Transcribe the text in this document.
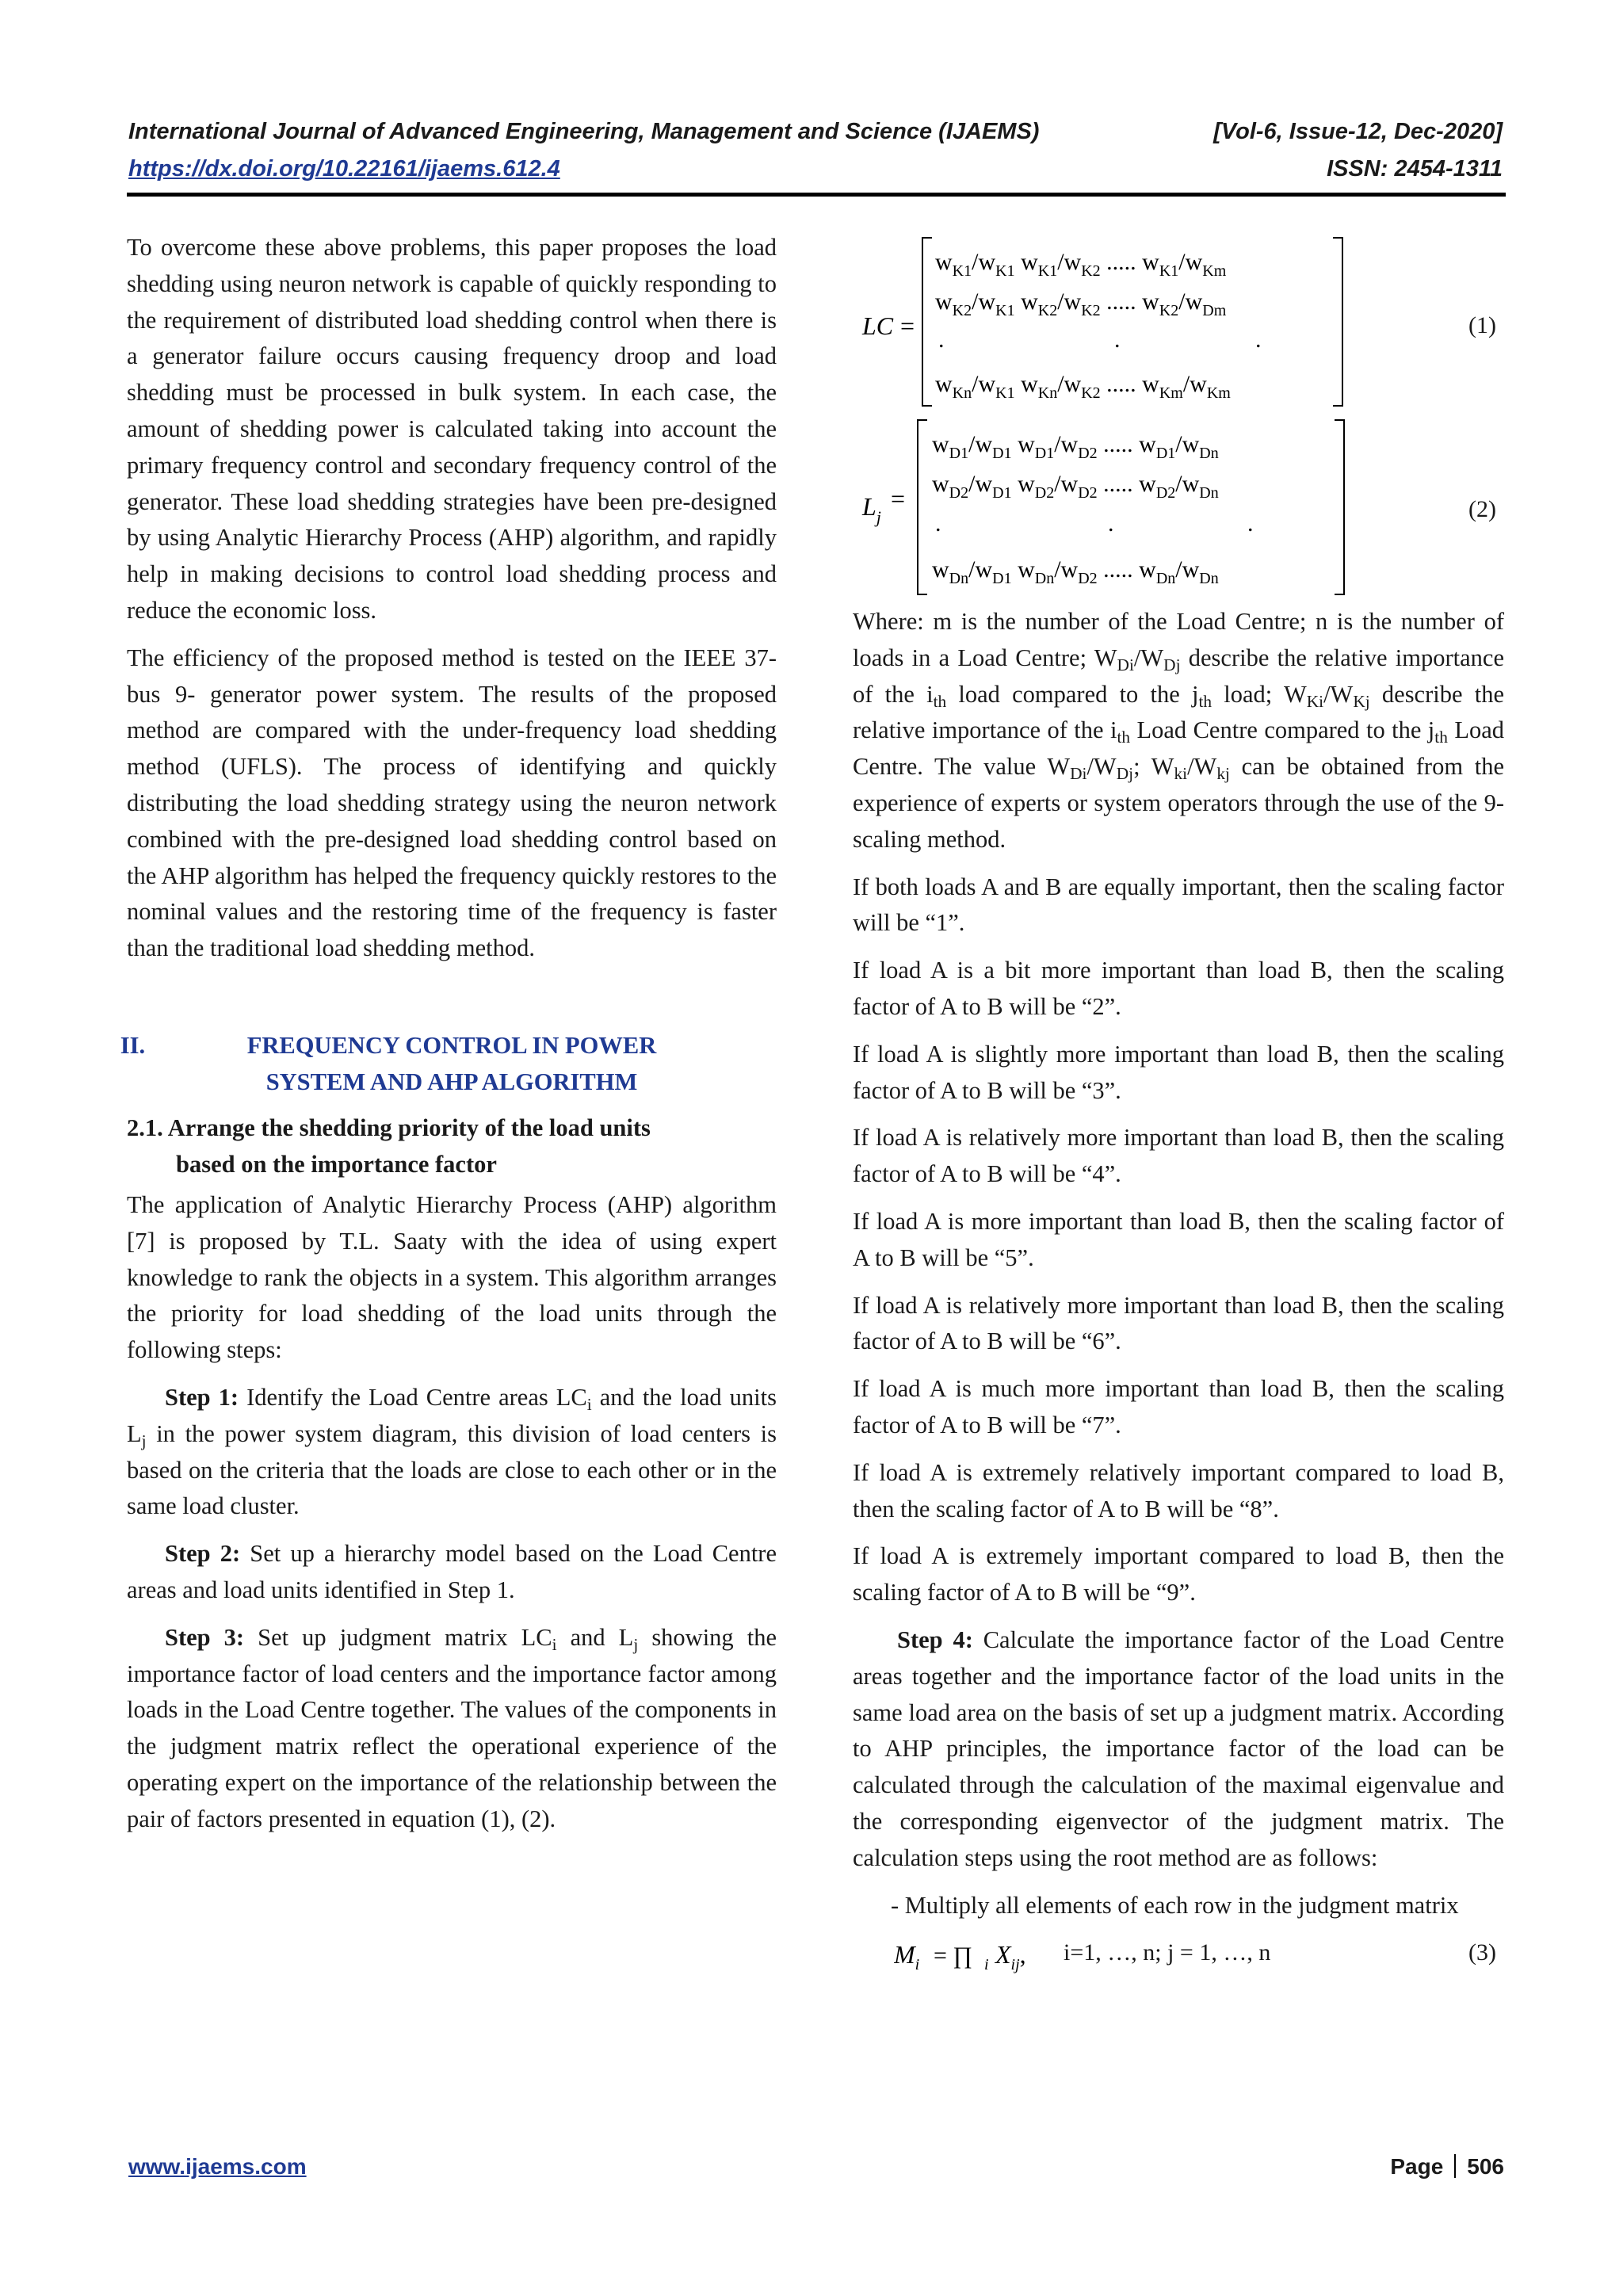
International Journal of Advanced Engineering, Management and Science (IJAEMS)	[Vol-6, Issue-12, Dec-2020]
https://dx.doi.org/10.22161/ijaems.612.4	ISSN: 2454-1311

To overcome these above problems, this paper proposes the load shedding using neuron network is capable of quickly responding to the requirement of distributed load shedding control when there is a generator failure occurs causing frequency droop and load shedding must be processed in bulk system. In each case, the amount of shedding power is calculated taking into account the primary frequency control and secondary frequency control of the generator. These load shedding strategies have been pre-designed by using Analytic Hierarchy Process (AHP) algorithm, and rapidly help in making decisions to control load shedding process and reduce the economic loss.

The efficiency of the proposed method is tested on the IEEE 37- bus 9- generator power system. The results of the proposed method are compared with the under-frequency load shedding method (UFLS). The process of identifying and quickly distributing the load shedding strategy using the neuron network combined with the pre-designed load shedding control based on the AHP algorithm has helped the frequency quickly restores to the nominal values and the restoring time of the frequency is faster than the traditional load shedding method.

II.	FREQUENCY CONTROL IN POWER
SYSTEM AND AHP ALGORITHM
2.1. Arrange the shedding priority of the load units
based on the importance factor

The application of Analytic Hierarchy Process (AHP) algorithm [7] is proposed by T.L. Saaty with the idea of using expert knowledge to rank the objects in a system. This algorithm arranges the priority for load shedding of the load units through the following steps:

Step 1: Identify the Load Centre areas $LC_i$ and the load units $L_j$ in the power system diagram, this division of load centers is based on the criteria that the loads are close to each other or in the same load cluster.

Step 2: Set up a hierarchy model based on the Load Centre areas and load units identified in Step 1.

Step 3: Set up judgment matrix $LC_i$ and $L_j$ showing the importance factor of load centers and the importance factor among loads in the Load Centre together. The values of the components in the judgment matrix reflect the operational experience of the operating expert on the importance of the relationship between the pair of factors presented in equation (1), (2).

LC =
$w_{K1}/w_{K1}$ $w_{K1}/w_{K2}$ ..... $w_{K1}/w_{Km}$
$w_{K2}/w_{K1}$ $w_{K2}/w_{K2}$ ..... $w_{K2}/w_{Dm}$
.	.	.
$w_{Kn}/w_{K1}$ $w_{Kn}/w_{K2}$ ..... $w_{Km}/w_{Km}$
(1)
$L_j$
=
$w_{D1}/w_{D1}$ $w_{D1}/w_{D2}$ ..... $w_{D1}/w_{Dn}$
$w_{D2}/w_{D1}$ $w_{D2}/w_{D2}$ ..... $w_{D2}/w_{Dn}$
.	.	.
$w_{Dn}/w_{D1}$ $w_{Dn}/w_{D2}$ ..... $w_{Dn}/w_{Dn}$
(2)

Where: m is the number of the Load Centre; n is the number of loads in a Load Centre; $W_{Di}/W_{Dj}$ describe the relative importance of the $i_{th}$ load compared to the $j_{th}$ load; $W_{Ki}/W_{Kj}$ describe the relative importance of the $i_{th}$ Load Centre compared to the $j_{th}$ Load Centre. The value $W_{Di}/W_{Dj}$; $W_{ki}/W_{kj}$ can be obtained from the experience of experts or system operators through the use of the 9-scaling method.

If both loads A and B are equally important, then the scaling factor will be “1”.

If load A is a bit more important than load B, then the scaling factor of A to B will be “2”.

If load A is slightly more important than load B, then the scaling factor of A to B will be “3”.

If load A is relatively more important than load B, then the scaling factor of A to B will be “4”.

If load A is more important than load B, then the scaling factor of A to B will be “5”.

If load A is relatively more important than load B, then the scaling factor of A to B will be “6”.

If load A is much more important than load B, then the scaling factor of A to B will be “7”.

If load A is extremely relatively important compared to load B, then the scaling factor of A to B will be “8”.

If load A is extremely important compared to load B, then the scaling factor of A to B will be “9”.

Step 4: Calculate the importance factor of the Load Centre areas together and the importance factor of the load units in the same load area on the basis of set up a judgment matrix. According to AHP principles, the importance factor of the load can be calculated through the calculation of the maximal eigenvalue and the corresponding eigenvector of the judgment matrix. The calculation steps using the root method are as follows:

- Multiply all elements of each row in the judgment matrix

$M_i$ = ∏ i $X_{ij}$, i=1, …, n; j = 1, …, n	(3)
www.ijaems.com	Page 506
